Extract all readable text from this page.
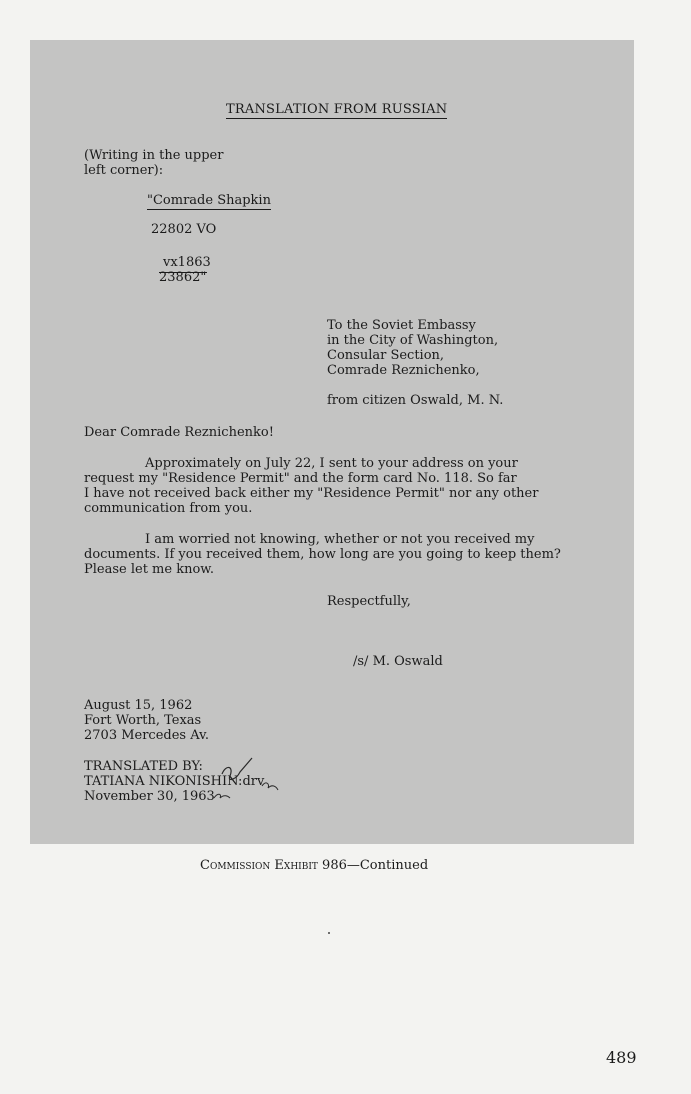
TRANSLATION FROM RUSSIAN
(Writing in the upper
left corner):
"Comrade Shapkin
22802 VO
vx1863
23862"
To the Soviet Embassy
in the City of Washington,
Consular Section,
Comrade Reznichenko,
from citizen Oswald, M. N.
Dear Comrade Reznichenko!
Approximately on July 22, I sent to your address on your
request my "Residence Permit" and the form card No. 118. So far
I have not received back either my "Residence Permit" nor any other
communication from you.
I am worried not knowing, whether or not you received my
documents. If you received them, how long are you going to keep them?
Please let me know.
Respectfully,
/s/ M. Oswald
August 15, 1962
Fort Worth, Texas
2703 Mercedes Av.
TRANSLATED BY:
TATIANA NIKONISHIN:drv
November 30, 1963
Commission Exhibit 986—Continued
489
